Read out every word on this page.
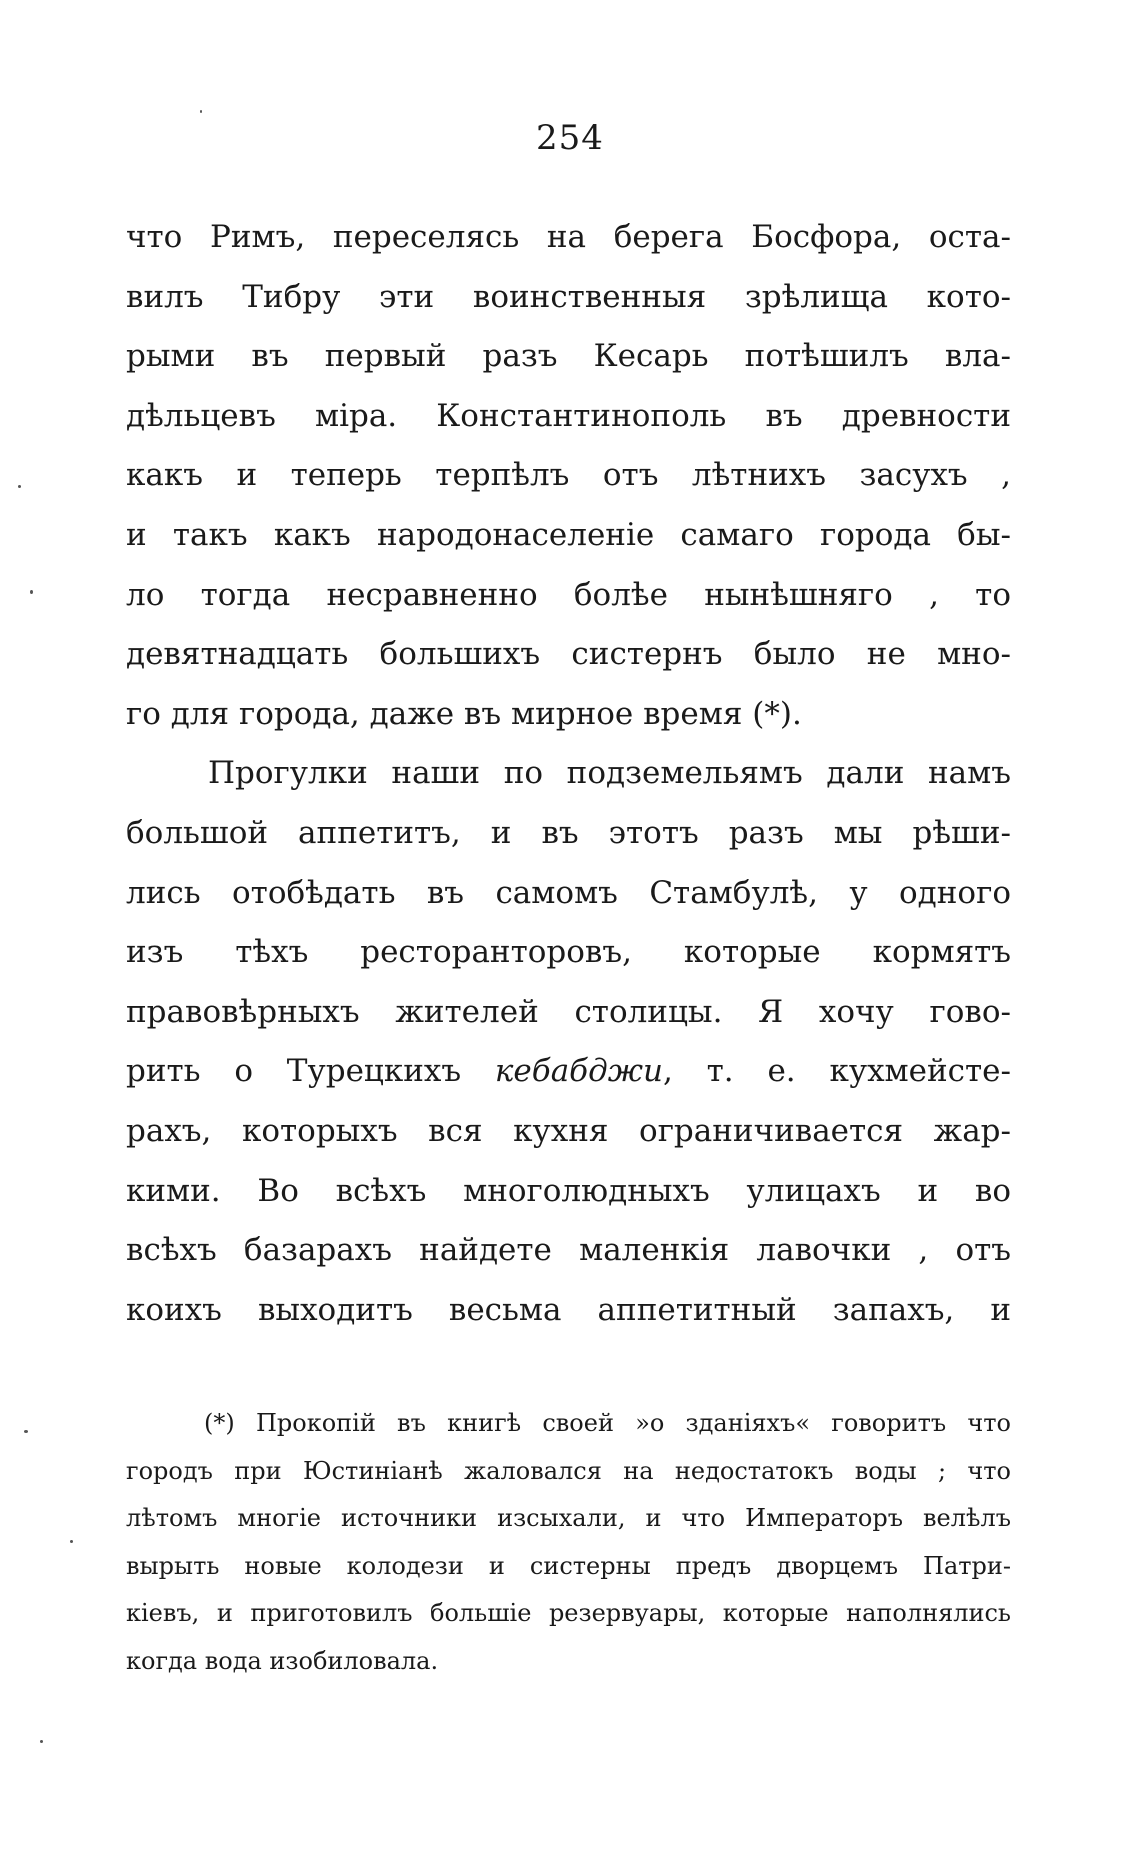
254
что Римъ, переселясь на берега Босфора, оста-
вилъ Тибру эти воинственныя зрѣлища кото-
рыми въ первый разъ Кесарь потѣшилъ вла-
дѣльцевъ міра. Константинополь въ древности
какъ и теперь терпѣлъ отъ лѣтнихъ засухъ ,
и такъ какъ народонаселеніе самаго города бы-
ло тогда несравненно болѣе нынѣшняго , то
девятнадцать большихъ систернъ было не мно-
го для города, даже въ мирное время (*).
Прогулки наши по подземельямъ дали намъ
большой аппетитъ, и въ этотъ разъ мы рѣши-
лись отобѣдать въ самомъ Стамбулѣ, у одного
изъ тѣхъ ресторанторовъ, которые кормятъ
правовѣрныхъ жителей столицы. Я хочу гово-
рить о Турецкихъ кебабджи, т. е. кухмейсте-
рахъ, которыхъ вся кухня ограничивается жар-
кими. Во всѣхъ многолюдныхъ улицахъ и во
всѣхъ базарахъ найдете маленкія лавочки , отъ
коихъ выходитъ весьма аппетитный запахъ, и
(*) Прокопій въ книгѣ своей »о зданіяхъ« говоритъ что
городъ при Юстиніанѣ жаловался на недостатокъ воды ; что
лѣтомъ многіе источники изсыхали, и что Императоръ велѣлъ
вырыть новые колодези и систерны предъ дворцемъ Патри-
кіевъ, и приготовилъ большіе резервуары, которые наполнялись
когда вода изобиловала.
